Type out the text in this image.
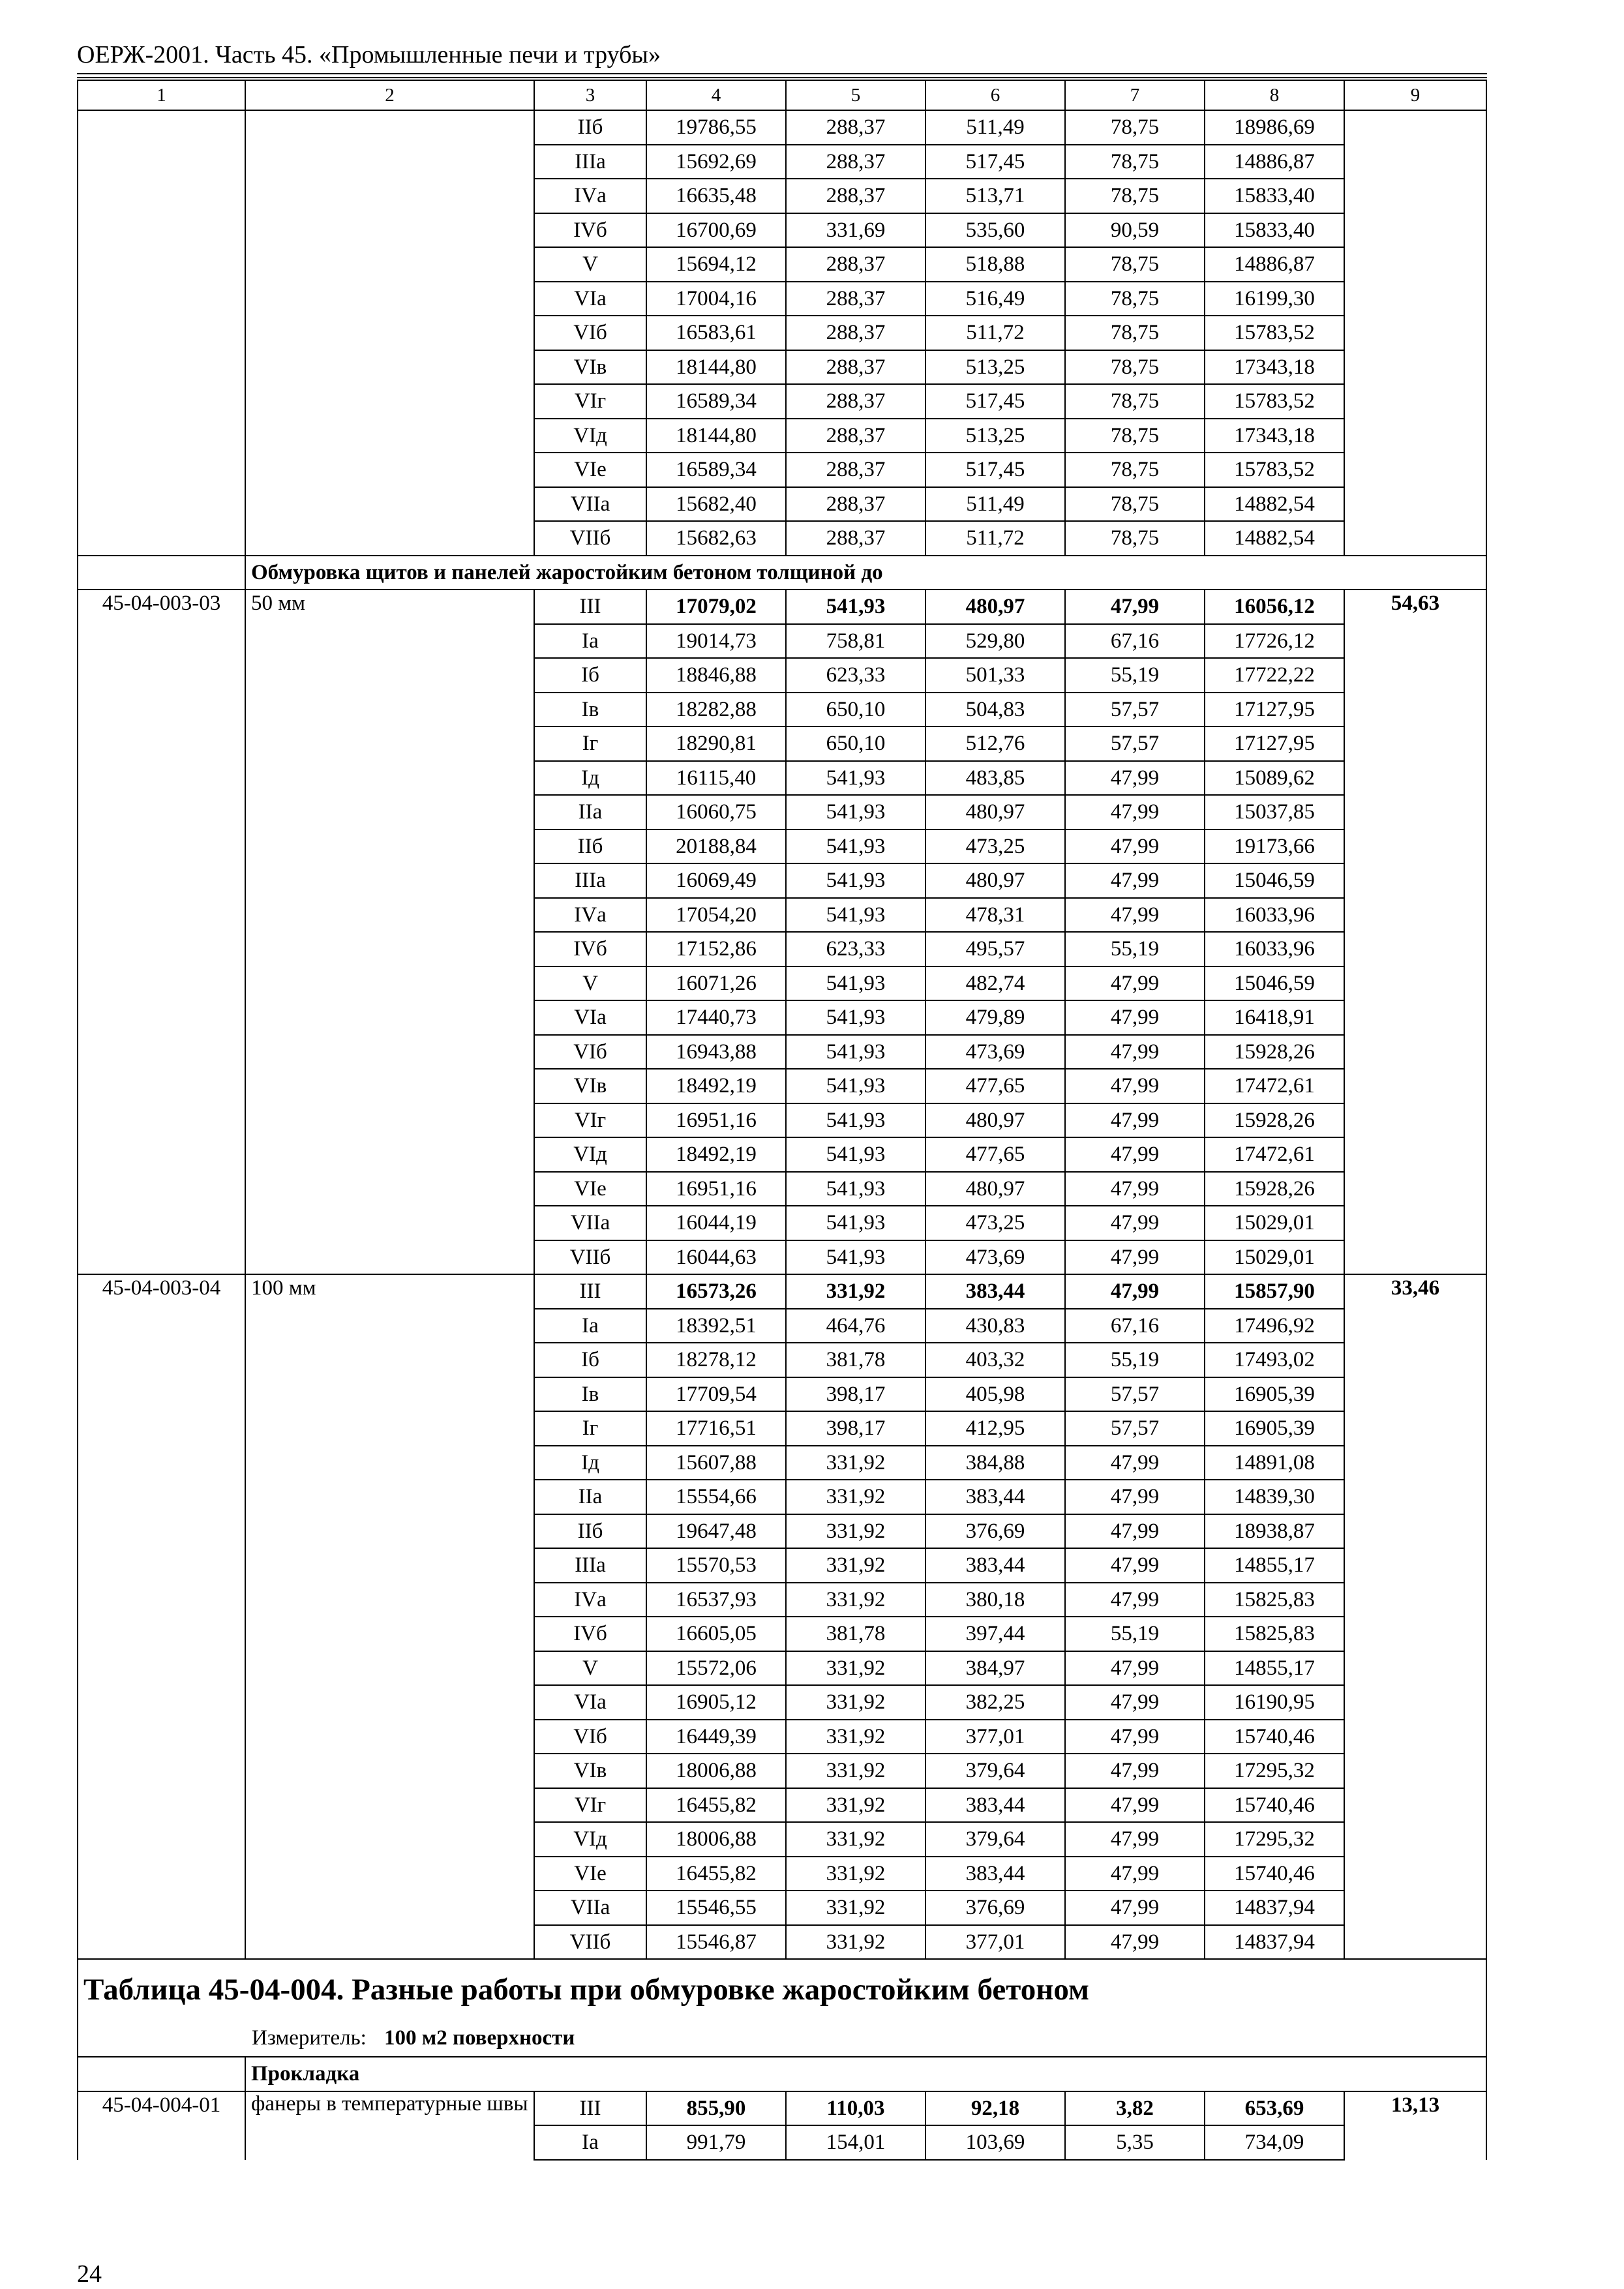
ОЕРЖ-2001. Часть 45. «Промышленные печи и трубы»
1	2	3	4	5	6	7	8	9
		IIб	19786,55	288,37	511,49	78,75	18986,69	
		IIIа	15692,69	288,37	517,45	78,75	14886,87	
		IVа	16635,48	288,37	513,71	78,75	15833,40	
		IVб	16700,69	331,69	535,60	90,59	15833,40	
		V	15694,12	288,37	518,88	78,75	14886,87	
		VIа	17004,16	288,37	516,49	78,75	16199,30	
		VIб	16583,61	288,37	511,72	78,75	15783,52	
		VIв	18144,80	288,37	513,25	78,75	17343,18	
		VIг	16589,34	288,37	517,45	78,75	15783,52	
		VIд	18144,80	288,37	513,25	78,75	17343,18	
		VIе	16589,34	288,37	517,45	78,75	15783,52	
		VIIа	15682,40	288,37	511,49	78,75	14882,54	
		VIIб	15682,63	288,37	511,72	78,75	14882,54	
	Обмуровка щитов и панелей жаростойким бетоном толщиной до							
45-04-003-03	50 мм	III	17079,02	541,93	480,97	47,99	16056,12	54,63
		Iа	19014,73	758,81	529,80	67,16	17726,12	
		Iб	18846,88	623,33	501,33	55,19	17722,22	
		Iв	18282,88	650,10	504,83	57,57	17127,95	
		Iг	18290,81	650,10	512,76	57,57	17127,95	
		Iд	16115,40	541,93	483,85	47,99	15089,62	
		IIа	16060,75	541,93	480,97	47,99	15037,85	
		IIб	20188,84	541,93	473,25	47,99	19173,66	
		IIIа	16069,49	541,93	480,97	47,99	15046,59	
		IVа	17054,20	541,93	478,31	47,99	16033,96	
		IVб	17152,86	623,33	495,57	55,19	16033,96	
		V	16071,26	541,93	482,74	47,99	15046,59	
		VIа	17440,73	541,93	479,89	47,99	16418,91	
		VIб	16943,88	541,93	473,69	47,99	15928,26	
		VIв	18492,19	541,93	477,65	47,99	17472,61	
		VIг	16951,16	541,93	480,97	47,99	15928,26	
		VIд	18492,19	541,93	477,65	47,99	17472,61	
		VIе	16951,16	541,93	480,97	47,99	15928,26	
		VIIа	16044,19	541,93	473,25	47,99	15029,01	
		VIIб	16044,63	541,93	473,69	47,99	15029,01	
45-04-003-04	100 мм	III	16573,26	331,92	383,44	47,99	15857,90	33,46
		Iа	18392,51	464,76	430,83	67,16	17496,92	
		Iб	18278,12	381,78	403,32	55,19	17493,02	
		Iв	17709,54	398,17	405,98	57,57	16905,39	
		Iг	17716,51	398,17	412,95	57,57	16905,39	
		Iд	15607,88	331,92	384,88	47,99	14891,08	
		IIа	15554,66	331,92	383,44	47,99	14839,30	
		IIб	19647,48	331,92	376,69	47,99	18938,87	
		IIIа	15570,53	331,92	383,44	47,99	14855,17	
		IVа	16537,93	331,92	380,18	47,99	15825,83	
		IVб	16605,05	381,78	397,44	55,19	15825,83	
		V	15572,06	331,92	384,97	47,99	14855,17	
		VIа	16905,12	331,92	382,25	47,99	16190,95	
		VIб	16449,39	331,92	377,01	47,99	15740,46	
		VIв	18006,88	331,92	379,64	47,99	17295,32	
		VIг	16455,82	331,92	383,44	47,99	15740,46	
		VIд	18006,88	331,92	379,64	47,99	17295,32	
		VIе	16455,82	331,92	383,44	47,99	15740,46	
		VIIа	15546,55	331,92	376,69	47,99	14837,94	
		VIIб	15546,87	331,92	377,01	47,99	14837,94	
Таблица 45-04-004. Разные работы при обмуровке жаростойким бетоном								
	Измеритель:	100 м2 поверхности						
	Прокладка							
45-04-004-01	фанеры в температурные швы	III	855,90	110,03	92,18	3,82	653,69	13,13
		Iа	991,79	154,01	103,69	5,35	734,09	
24
